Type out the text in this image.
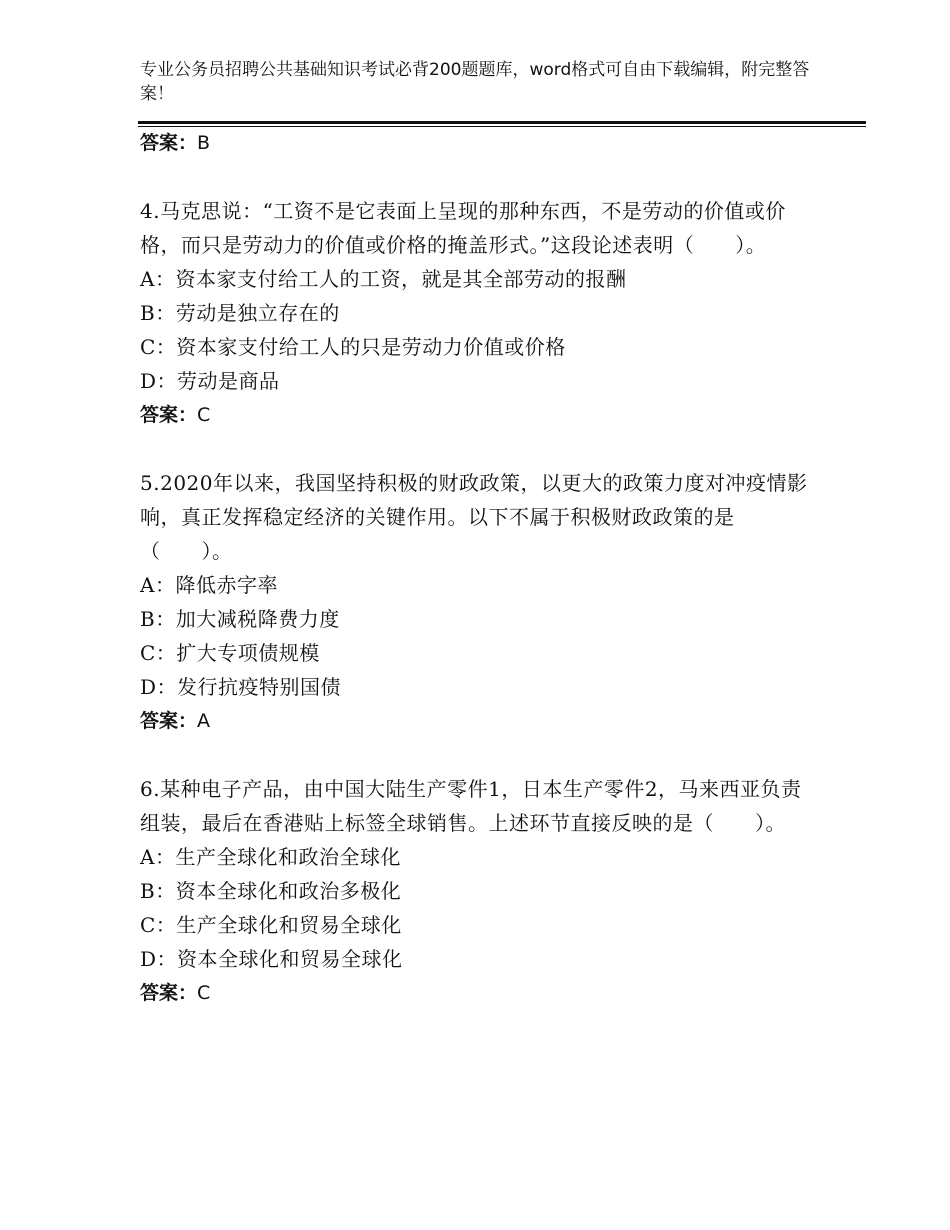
专业公务员招聘公共基础知识考试必背200题题库，word格式可自由下载编辑，附完整答案！
答案：B
4.马克思说：“工资不是它表面上呈现的那种东西，不是劳动的价值或价格，而只是劳动力的价值或价格的掩盖形式。”这段论述表明（　　）。
A：资本家支付给工人的工资，就是其全部劳动的报酬
B：劳动是独立存在的
C：资本家支付给工人的只是劳动力价值或价格
D：劳动是商品
答案：C
5.2020年以来，我国坚持积极的财政政策，以更大的政策力度对冲疫情影响，真正发挥稳定经济的关键作用。以下不属于积极财政政策的是（　　）。
A：降低赤字率
B：加大减税降费力度
C：扩大专项债规模
D：发行抗疫特别国债
答案：A
6.某种电子产品，由中国大陆生产零件1，日本生产零件2，马来西亚负责组装，最后在香港贴上标签全球销售。上述环节直接反映的是（　　）。
A：生产全球化和政治全球化
B：资本全球化和政治多极化
C：生产全球化和贸易全球化
D：资本全球化和贸易全球化
答案：C
